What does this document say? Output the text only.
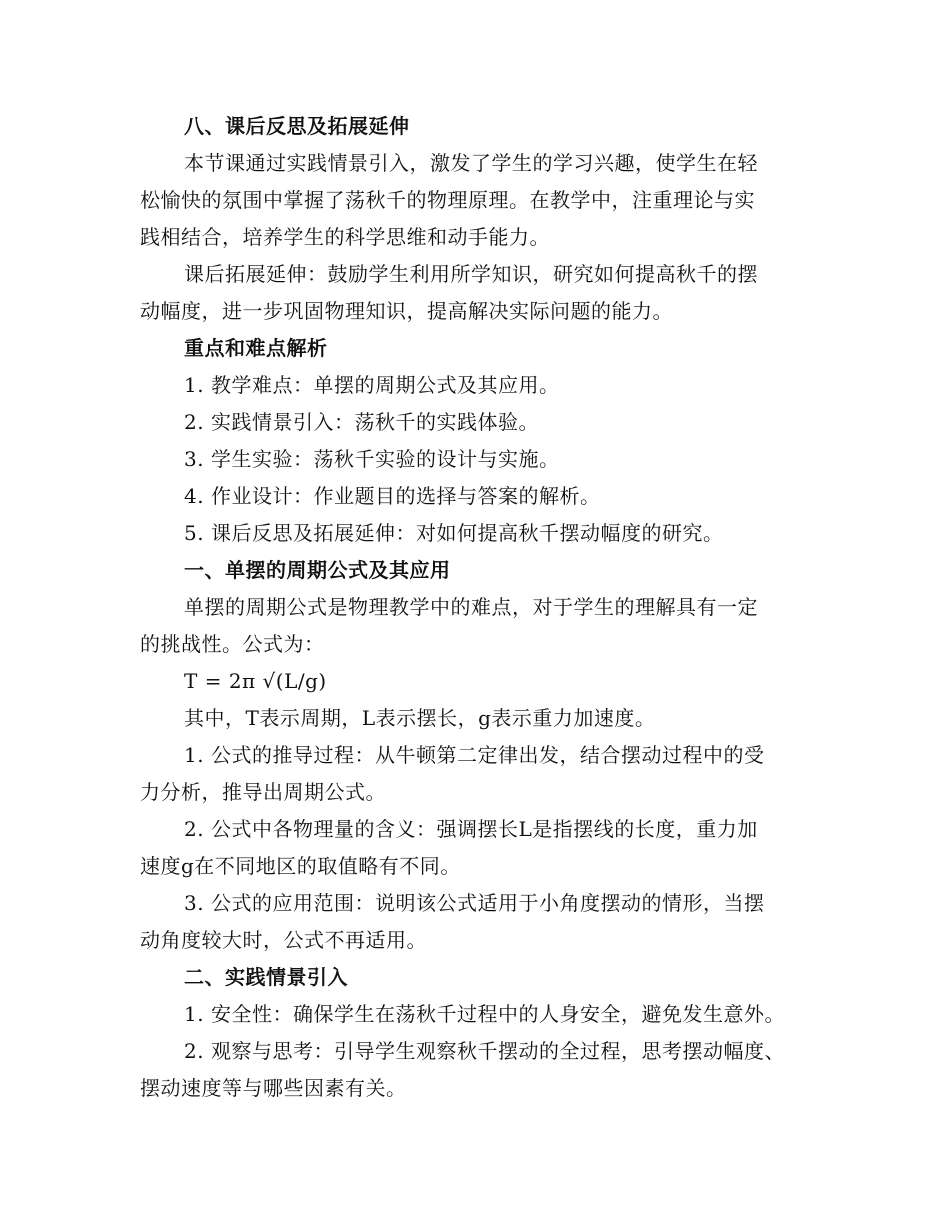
八、课后反思及拓展延伸
本节课通过实践情景引入，激发了学生的学习兴趣，使学生在轻
松愉快的氛围中掌握了荡秋千的物理原理。在教学中，注重理论与实
践相结合，培养学生的科学思维和动手能力。
课后拓展延伸：鼓励学生利用所学知识，研究如何提高秋千的摆
动幅度，进一步巩固物理知识，提高解决实际问题的能力。
重点和难点解析
1. 教学难点：单摆的周期公式及其应用。
2. 实践情景引入：荡秋千的实践体验。
3. 学生实验：荡秋千实验的设计与实施。
4. 作业设计：作业题目的选择与答案的解析。
5. 课后反思及拓展延伸：对如何提高秋千摆动幅度的研究。
一、单摆的周期公式及其应用
单摆的周期公式是物理教学中的难点，对于学生的理解具有一定
的挑战性。公式为：
T = 2π √(L/g)
其中，T表示周期，L表示摆长，g表示重力加速度。
1. 公式的推导过程：从牛顿第二定律出发，结合摆动过程中的受
力分析，推导出周期公式。
2. 公式中各物理量的含义：强调摆长L是指摆线的长度，重力加
速度g在不同地区的取值略有不同。
3. 公式的应用范围：说明该公式适用于小角度摆动的情形，当摆
动角度较大时，公式不再适用。
二、实践情景引入
1. 安全性：确保学生在荡秋千过程中的人身安全，避免发生意外。
2. 观察与思考：引导学生观察秋千摆动的全过程，思考摆动幅度、
摆动速度等与哪些因素有关。
